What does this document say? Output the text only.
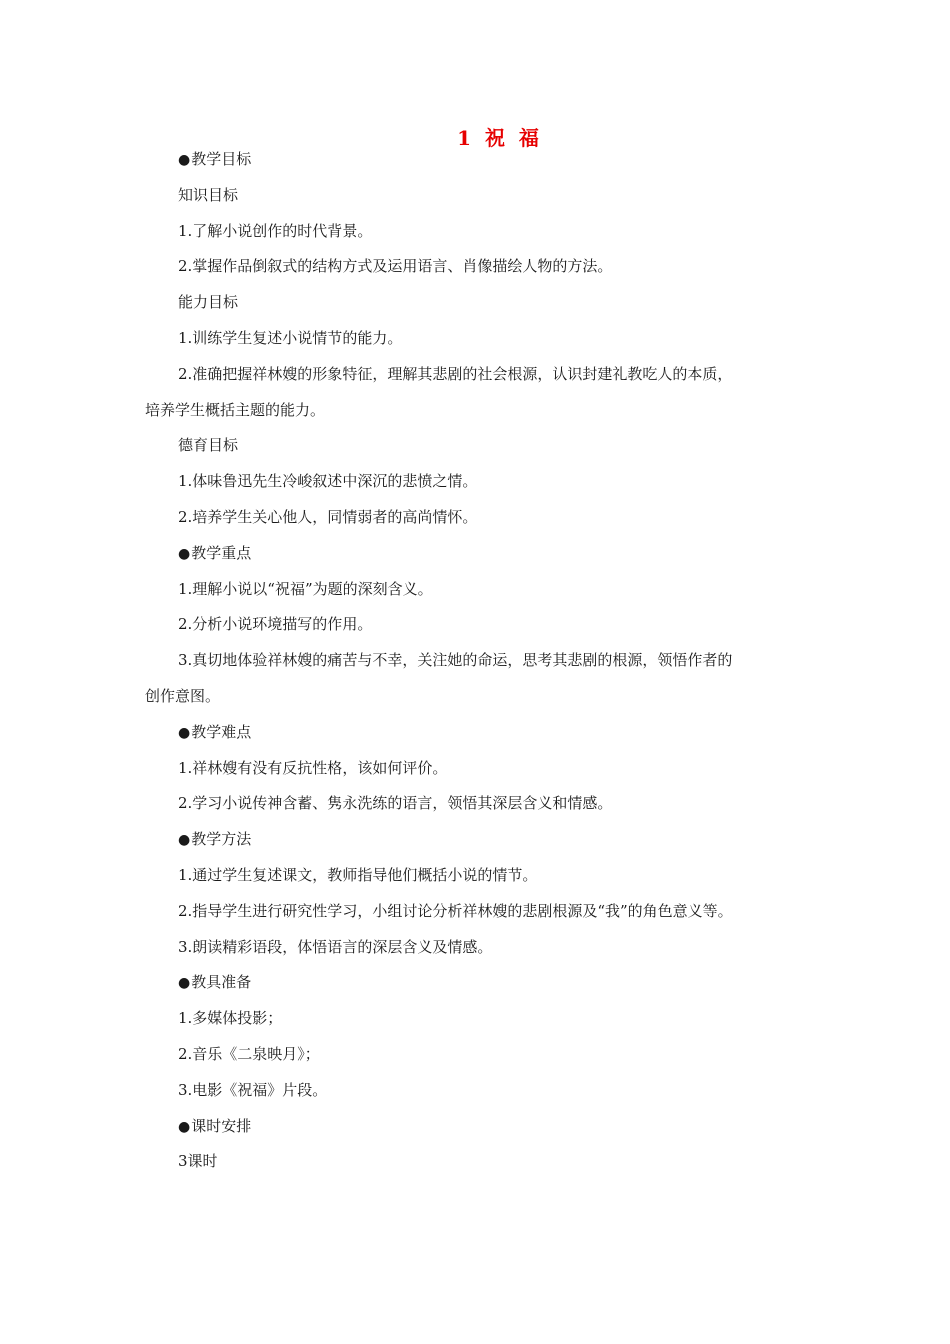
1  祝  福
● 教学目标
知识目标
1.了解小说创作的时代背景。
2.掌握作品倒叙式的结构方式及运用语言、肖像描绘人物的方法。
能力目标
1.训练学生复述小说情节的能力。
2.准确把握祥林嫂的形象特征，理解其悲剧的社会根源，认识封建礼教吃人的本质，
培养学生概括主题的能力。
德育目标
1.体味鲁迅先生冷峻叙述中深沉的悲愤之情。
2.培养学生关心他人，同情弱者的高尚情怀。
● 教学重点
1.理解小说以“祝福”为题的深刻含义。
2.分析小说环境描写的作用。
3.真切地体验祥林嫂的痛苦与不幸，关注她的命运，思考其悲剧的根源，领悟作者的
创作意图。
● 教学难点
1.祥林嫂有没有反抗性格，该如何评价。
2.学习小说传神含蓄、隽永洗练的语言，领悟其深层含义和情感。
● 教学方法
1.通过学生复述课文，教师指导他们概括小说的情节。
2.指导学生进行研究性学习，小组讨论分析祥林嫂的悲剧根源及“我”的角色意义等。
3.朗读精彩语段，体悟语言的深层含义及情感。
● 教具准备
1.多媒体投影；
2.音乐《二泉映月》；
3.电影《祝福》片段。
● 课时安排
3课时
